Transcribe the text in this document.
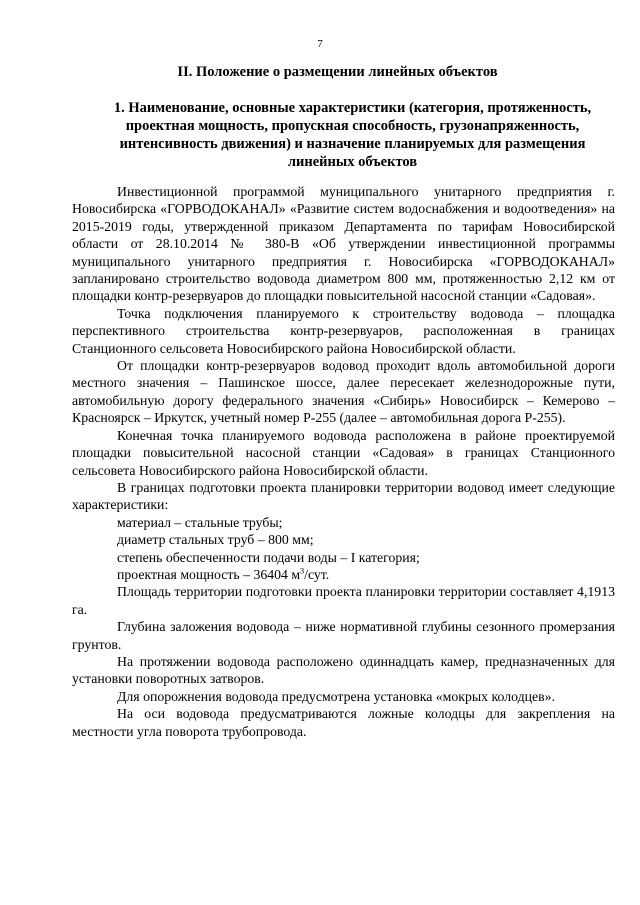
7
II. Положение о размещении линейных объектов
1. Наименование, основные характеристики (категория, протяженность, проектная мощность, пропускная способность, грузонапряженность, интенсивность движения) и назначение планируемых для размещения линейных объектов

Инвестиционной программой муниципального унитарного предприятия г. Новосибирска «ГОРВОДОКАНАЛ» «Развитие систем водоснабжения и водоотведения» на 2015-2019 годы, утвержденной приказом Департамента по тарифам Новосибирской области от 28.10.2014 № 380-В «Об утверждении инвестиционной программы муниципального унитарного предприятия г. Новосибирска «ГОРВОДОКАНАЛ» запланировано строительство водовода диаметром 800 мм, протяженностью 2,12 км от площадки контр-резервуаров до площадки повысительной насосной станции «Садовая».

Точка подключения планируемого к строительству водовода – площадка перспективного строительства контр-резервуаров, расположенная в границах Станционного сельсовета Новосибирского района Новосибирской области.

От площадки контр-резервуаров водовод проходит вдоль автомобильной дороги местного значения – Пашинское шоссе, далее пересекает железнодорожные пути, автомобильную дорогу федерального значения «Сибирь» Новосибирск – Кемерово – Красноярск – Иркутск, учетный номер Р-255 (далее – автомобильная дорога Р-255).

Конечная точка планируемого водовода расположена в районе проектируемой площадки повысительной насосной станции «Садовая» в границах Станционного сельсовета Новосибирского района Новосибирской области.

В границах подготовки проекта планировки территории водовод имеет следующие характеристики:

материал – стальные трубы;

диаметр стальных труб – 800 мм;

степень обеспеченности подачи воды – I категория;

проектная мощность – 36404 $м^3$/сут.

Площадь территории подготовки проекта планировки территории составляет 4,1913 га.

Глубина заложения водовода – ниже нормативной глубины сезонного промерзания грунтов.

На протяжении водовода расположено одиннадцать камер, предназначенных для установки поворотных затворов.

Для опорожнения водовода предусмотрена установка «мокрых колодцев».

На оси водовода предусматриваются ложные колодцы для закрепления на местности угла поворота трубопровода.
